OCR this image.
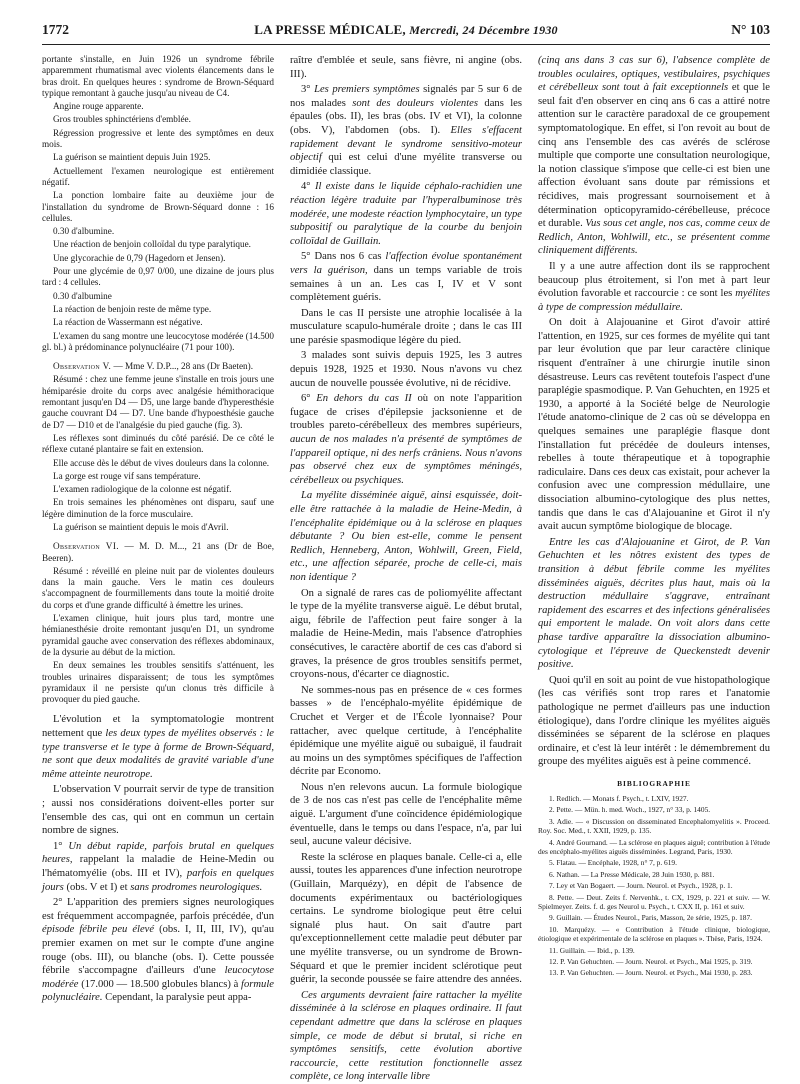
1772	LA PRESSE MÉDICALE, Mercredi, 24 Décembre 1930	N° 103

portante s'installe, en Juin 1926 un syndrome fébrile apparemment rhumatismal avec violents élancements dans le bras droit. En quelques heures : syndrome de Brown-Séquard typique remontant à gauche jusqu'au niveau de C4.

Angine rouge apparente.

Gros troubles sphinctériens d'emblée.

Régression progressive et lente des symptômes en deux mois.

La guérison se maintient depuis Juin 1925.

Actuellement l'examen neurologique est entièrement négatif.

La ponction lombaire faite au deuxième jour de l'installation du syndrome de Brown-Séquard donne : 16 cellules.

0.30 d'albumine.

Une réaction de benjoin colloïdal du type paralytique.

Une glycorachie de 0,79 (Hagedorn et Jensen).

Pour une glycémie de 0,97 0/00, une dizaine de jours plus tard : 4 cellules.

0.30 d'albumine

La réaction de benjoin reste de même type.

La réaction de Wassermann est négative.

L'examen du sang montre une leucocytose modérée (14.500 gl. bl.) à prédominance polynucléaire (71 pour 100).

Observation V. — Mme V. D.P..., 28 ans (Dr Baeten).

Résumé : chez une femme jeune s'installe en trois jours une hémiparésie droite du corps avec analgésie hémithoracique remontant jusqu'en D4 — D5, une large bande d'hyperesthésie gauche couvrant D4 — D7. Une bande d'hypoesthésie gauche de D7 — D10 et de l'analgésie du pied gauche (fig. 3).

Les réflexes sont diminués du côté parésié. De ce côté le réflexe cutané plantaire se fait en extension.

Elle accuse dès le début de vives douleurs dans la colonne.

La gorge est rouge vif sans température.

L'examen radiologique de la colonne est négatif.

En trois semaines les phénomènes ont disparu, sauf une légère diminution de la force musculaire.

La guérison se maintient depuis le mois d'Avril.

Observation VI. — M. D. M..., 21 ans (Dr de Boe, Beeren).

Résumé : réveillé en pleine nuit par de violentes douleurs dans la main gauche. Vers le matin ces douleurs s'accompagnent de fourmillements dans toute la moitié droite du corps et d'une grande difficulté à émettre les urines.

L'examen clinique, huit jours plus tard, montre une hémianesthésie droite remontant jusqu'en D1, un syndrome pyramidal gauche avec conservation des réflexes abdominaux, de la dysurie au début de la miction.

En deux semaines les troubles sensitifs s'atténuent, les troubles urinaires disparaissent; de tous les symptômes pyramidaux il ne persiste qu'un clonus très difficile à provoquer du pied gauche.

L'évolution et la symptomatologie montrent nettement que les deux types de myélites observés : le type transverse et le type à forme de Brown-Séquard, ne sont que deux modalités de gravité variable d'une même atteinte neurotrope.

L'observation V pourrait servir de type de transition ; aussi nos considérations doivent-elles porter sur l'ensemble des cas, qui ont en commun un certain nombre de signes.

1° Un début rapide, parfois brutal en quelques heures, rappelant la maladie de Heine-Medin ou l'hématomyélie (obs. III et IV), parfois en quelques jours (obs. V et I) et sans prodromes neurologiques.

2° L'apparition des premiers signes neurologiques est fréquemment accompagnée, parfois précédée, d'un épisode fébrile peu élevé (obs. I, II, III, IV), qu'au premier examen on met sur le compte d'une angine rouge (obs. III), ou blanche (obs. I). Cette poussée fébrile s'accompagne d'ailleurs d'une leucocytose modérée (17.000 — 18.500 globules blancs) à formule polynucléaire. Cependant, la paralysie peut appa-

raître d'emblée et seule, sans fièvre, ni angine (obs. III).

3° Les premiers symptômes signalés par 5 sur 6 de nos malades sont des douleurs violentes dans les épaules (obs. II), les bras (obs. IV et VI), la colonne (obs. V), l'abdomen (obs. I). Elles s'effacent rapidement devant le syndrome sensitivo-moteur objectif qui est celui d'une myélite transverse ou dimidiée classique.

4° Il existe dans le liquide céphalo-rachidien une réaction légère traduite par l'hyperalbuminose très modérée, une modeste réaction lymphocytaire, un type subpositif ou paralytique de la courbe du benjoin colloïdal de Guillain.

5° Dans nos 6 cas l'affection évolue spontanément vers la guérison, dans un temps variable de trois semaines à un an. Les cas I, IV et V sont complètement guéris.

Dans le cas II persiste une atrophie localisée à la musculature scapulo-humérale droite ; dans le cas III une parésie spasmodique légère du pied.

3 malades sont suivis depuis 1925, les 3 autres depuis 1928, 1925 et 1930. Nous n'avons vu chez aucun de nouvelle poussée évolutive, ni de récidive.

6° En dehors du cas II où on note l'apparition fugace de crises d'épilepsie jacksonienne et de troubles pareto-cérébelleux des membres supérieurs, aucun de nos malades n'a présenté de symptômes de l'appareil optique, ni des nerfs crâniens. Nous n'avons pas observé chez eux de symptômes méningés, cérébelleux ou psychiques.

La myélite disséminée aiguë, ainsi esquissée, doit-elle être rattachée à la maladie de Heine-Medin, à l'encéphalite épidémique ou à la sclérose en plaques débutante ? Ou bien est-elle, comme le pensent Redlich, Henneberg, Anton, Wohlwill, Green, Field, etc., une affection séparée, proche de celle-ci, mais non identique ?

On a signalé de rares cas de poliomyélite affectant le type de la myélite transverse aiguë. Le début brutal, aigu, fébrile de l'affection peut faire songer à la maladie de Heine-Medin, mais l'absence d'atrophies consécutives, le caractère abortif de ces cas d'abord si graves, la présence de gros troubles sensitifs permet, croyons-nous, d'écarter ce diagnostic.

Ne sommes-nous pas en présence de « ces formes basses » de l'encéphalo-myélite épidémique de Cruchet et Verger et de l'École lyonnaise? Pour rattacher, avec quelque certitude, à l'encéphalite épidémique une myélite aiguë ou subaiguë, il faudrait au moins un des symptômes spécifiques de l'affection décrite par Economo.

Nous n'en relevons aucun. La formule biologique de 3 de nos cas n'est pas celle de l'encéphalite même aiguë. L'argument d'une coïncidence épidémiologique éventuelle, dans le temps ou dans l'espace, n'a, par lui seul, aucune valeur décisive.

Reste la sclérose en plaques banale. Celle-ci a, elle aussi, toutes les apparences d'une infection neurotrope (Guillain, Marquézy), en dépit de l'absence de documents expérimentaux ou bactériologiques certains. Le syndrome biologique peut être celui signalé plus haut. On sait d'autre part qu'exceptionnellement cette maladie peut débuter par une myélite transverse, ou un syndrome de Brown-Séquard et que le premier incident sclérotique peut guérir, la seconde poussée se faire attendre des années.

Ces arguments devraient faire rattacher la myélite disséminée à la sclérose en plaques ordinaire. Il faut cependant admettre que dans la sclérose en plaques simple, ce mode de début si brutal, si riche en symptômes sensitifs, cette évolution abortive raccourcie, cette restitution fonctionnelle assez complète, ce long intervalle libre

(cinq ans dans 3 cas sur 6), l'absence complète de troubles oculaires, optiques, vestibulaires, psychiques et cérébelleux sont tout à fait exceptionnels et que le seul fait d'en observer en cinq ans 6 cas a attiré notre attention sur le caractère paradoxal de ce groupement symptomatologique. En effet, si l'on revoit au bout de cinq ans l'ensemble des cas avérés de sclérose multiple que comporte une consultation neurologique, la notion classique s'impose que celle-ci est bien une affection évoluant sans doute par rémissions et récidives, mais progressant sournoisement et à détermination opticopyramido-cérébelleuse, précoce et durable. Vus sous cet angle, nos cas, comme ceux de Redlich, Anton, Wohlwill, etc., se présentent comme cliniquement différents.

Il y a une autre affection dont ils se rapprochent beaucoup plus étroitement, si l'on met à part leur évolution favorable et raccourcie : ce sont les myélites à type de compression médullaire.

On doit à Alajouanine et Girot d'avoir attiré l'attention, en 1925, sur ces formes de myélite qui tant par leur évolution que par leur caractère clinique risquent d'entraîner à une chirurgie inutile sinon désastreuse. Leurs cas revêtent toutefois l'aspect d'une paraplégie spasmodique. P. Van Gehuchten, en 1925 et 1930, a apporté à la Société belge de Neurologie l'étude anatomo-clinique de 2 cas où se développa en quelques semaines une paraplégie flasque dont l'installation fut précédée de douleurs intenses, rebelles à toute thérapeutique et à topographie radiculaire. Dans ces deux cas existait, pour achever la confusion avec une compression médullaire, une dissociation albumino-cytologique des plus nettes, tandis que dans le cas d'Alajouanine et Girot il n'y avait aucun symptôme biologique de blocage.

Entre les cas d'Alajouanine et Girot, de P. Van Gehuchten et les nôtres existent des types de transition à début fébrile comme les myélites disséminées aiguës, décrites plus haut, mais où la destruction médullaire s'aggrave, entraînant rapidement des escarres et des infections généralisées qui emportent le malade. On voit alors dans cette phase tardive apparaître la dissociation albumino-cytologique et l'épreuve de Queckenstedt devenir positive.

Quoi qu'il en soit au point de vue histopathologique (les cas vérifiés sont trop rares et l'anatomie pathologique ne permet d'ailleurs pas une induction étiologique), dans l'ordre clinique les myélites aiguës disséminées se séparent de la sclérose en plaques ordinaire, et c'est là leur intérêt : le démembrement du groupe des myélites aiguës est à peine commencé.

BIBLIOGRAPHIE

1. Redlich. — Monats f. Psych., t. LXIV, 1927.

2. Pette. — Mün. h. med. Woch., 1927, n° 33, p. 1405.

3. Adie. — « Discussion on disseminated Encephalomyelitis ». Proceed. Roy. Soc. Med., t. XXII, 1929, p. 135.

4. André Gournand. — La sclérose en plaques aiguë; contribution à l'étude des encéphalo-myélites aiguës disséminées. Legrand, Paris, 1930.

5. Flatau. — Encéphale, 1928, n° 7, p. 619.

6. Nathan. — La Presse Médicale, 28 Juin 1930, p. 881.

7. Ley et Van Bogaert. — Journ. Neurol. et Psych., 1928, p. 1.

8. Pette. — Deut. Zeits f. Nervenhk., t. CX, 1929, p. 221 et suiv. — W. Spielmeyer. Zeits. f. d. ges Neurol u. Psych., t. CXX II, p. 161 et suiv.

9. Guillain. — Études Neurol., Paris, Masson, 2e série, 1925, p. 187.

10. Marquézy. — « Contribution à l'étude clinique, biologique, étiologique et expérimentale de la sclérose en plaques ». Thèse, Paris, 1924.

11. Guillain. — Ibid., p. 139.

12. P. Van Gehuchten. — Journ. Neurol. et Psych., Mai 1925, p. 319.

13. P. Van Gehuchten. — Journ. Neurol. et Psych., Mai 1930, p. 283.
